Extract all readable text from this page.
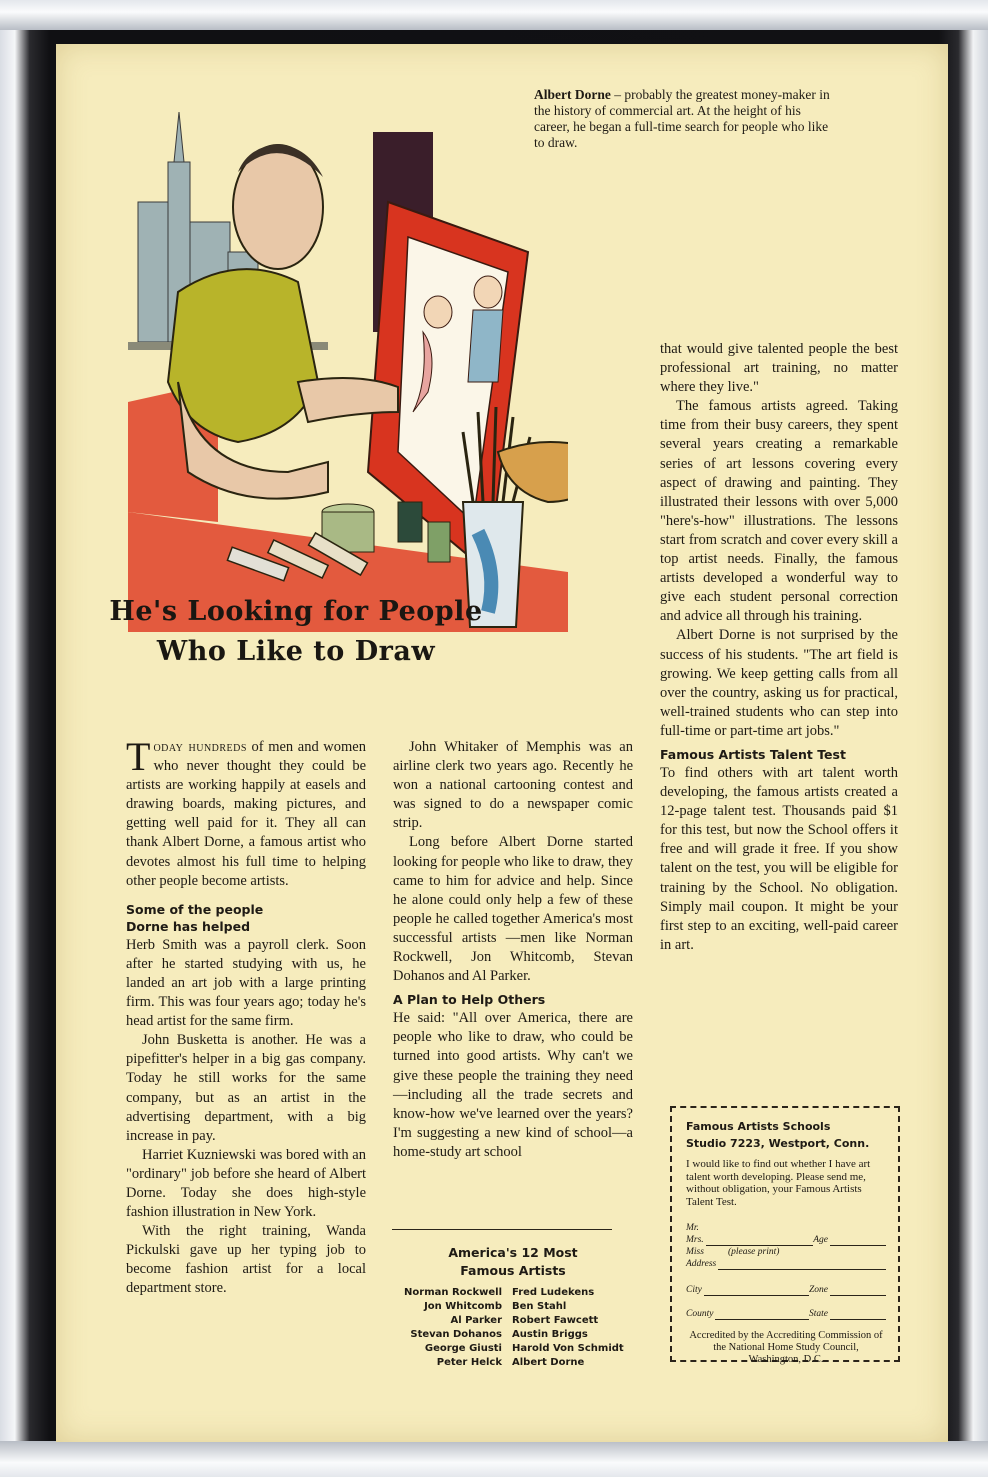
Albert Dorne – probably the greatest money-maker in the history of commercial art. At the height of his career, he began a full-time search for people who like to draw.
He's Looking for People
Who Like to Draw

Today hundreds of men and women who never thought they could be artists are working happily at easels and drawing boards, making pictures, and getting well paid for it. They all can thank Albert Dorne, a famous artist who devotes almost his full time to helping other people become artists.

Some of the people
Dorne has helped

Herb Smith was a payroll clerk. Soon after he started studying with us, he landed an art job with a large printing firm. This was four years ago; today he's head artist for the same firm.

John Busketta is another. He was a pipefitter's helper in a big gas company. Today he still works for the same company, but as an artist in the advertising department, with a big increase in pay.

Harriet Kuzniewski was bored with an "ordinary" job before she heard of Albert Dorne. Today she does high-style fashion illustration in New York.

With the right training, Wanda Pickulski gave up her typing job to become fashion artist for a local department store.

John Whitaker of Memphis was an airline clerk two years ago. Recently he won a national cartooning contest and was signed to do a newspaper comic strip.

Long before Albert Dorne started looking for people who like to draw, they came to him for advice and help. Since he alone could only help a few of these people he called together America's most successful artists —men like Norman Rockwell, Jon Whitcomb, Stevan Dohanos and Al Parker.

A Plan to Help Others

He said: "All over America, there are people who like to draw, who could be turned into good artists. Why can't we give these people the training they need—including all the trade secrets and know-how we've learned over the years? I'm suggesting a new kind of school—a home-study art school

America's 12 Most
Famous Artists
Norman Rockwell	Fred Ludekens
Jon Whitcomb	Ben Stahl
Al Parker	Robert Fawcett
Stevan Dohanos	Austin Briggs
George Giusti	Harold Von Schmidt
Peter Helck	Albert Dorne

that would give talented people the best professional art training, no matter where they live."

The famous artists agreed. Taking time from their busy careers, they spent several years creating a remarkable series of art lessons covering every aspect of drawing and painting. They illustrated their lessons with over 5,000 "here's-how" illustrations. The lessons start from scratch and cover every skill a top artist needs. Finally, the famous artists developed a wonderful way to give each student personal correction and advice all through his training.

Albert Dorne is not surprised by the success of his students. "The art field is growing. We keep getting calls from all over the country, asking us for practical, well-trained students who can step into full-time or part-time art jobs."

Famous Artists Talent Test

To find others with art talent worth developing, the famous artists created a 12-page talent test. Thousands paid $1 for this test, but now the School offers it free and will grade it free. If you show talent on the test, you will be eligible for training by the School. No obligation. Simply mail coupon. It might be your first step to an exciting, well-paid career in art.

Famous Artists Schools
Studio 7223, Westport, Conn.
I would like to find out whether I have art talent worth developing. Please send me, without obligation, your Famous Artists Talent Test.
Mr.
Mrs.	Age
Miss	(please print)
Address
City	Zone
County	State
Accredited by the Accrediting Commission of the National Home Study Council, Washington, D.C.
